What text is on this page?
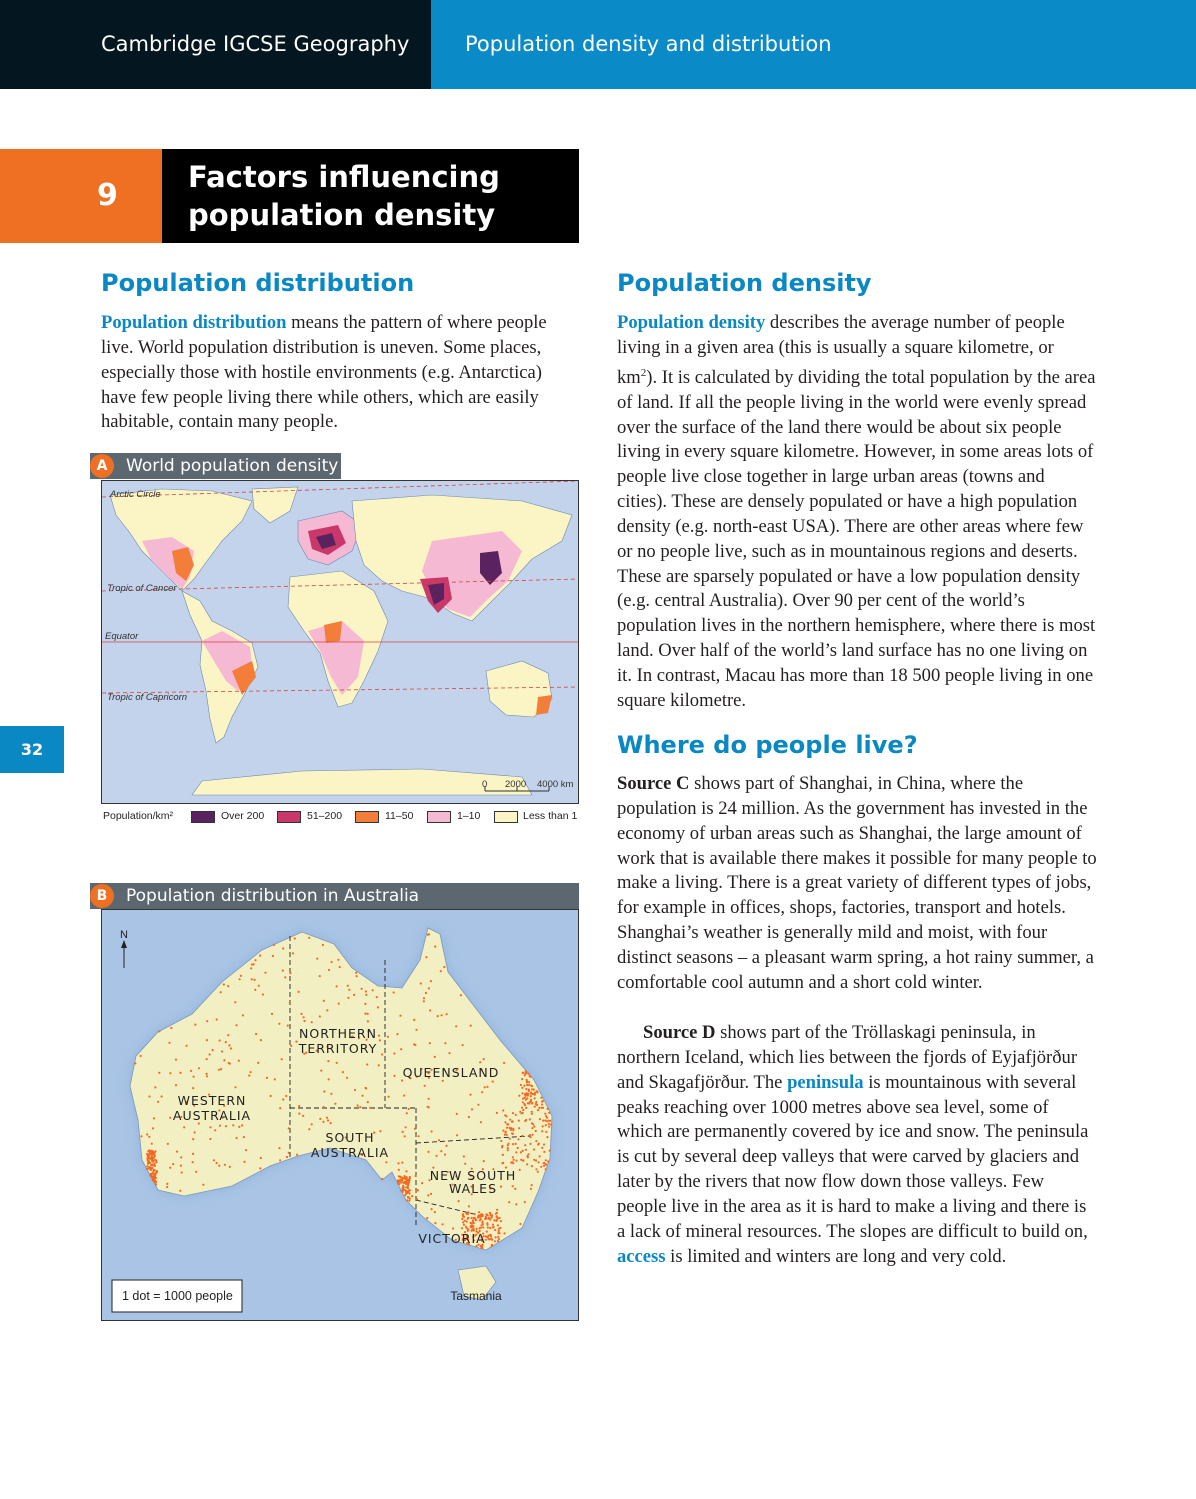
Cambridge IGCSE Geography	Population density and distribution
9
Factors influencing population density
32
Population distribution
Population distribution means the pattern of where people live. World population distribution is uneven. Some places, especially those with hostile environments (e.g. Antarctica) have few people living there while others, which are easily habitable, contain many people.
World population density
A
Arctic Circle
Tropic of Cancer
Equator
Tropic of Capricorn
0 2000 4000 km
Population/km²	Over 200	51–200	11–50	1–10	Less than 1
Population distribution in Australia
B
N
NORTHERN
TERRITORY
QUEENSLAND
WESTERN
AUSTRALIA
SOUTH
AUSTRALIA
NEW SOUTH
WALES
VICTORIA
Tasmania
1 dot = 1000 people
Population density
Population density describes the average number of people living in a given area (this is usually a square kilometre, or $km^2$). It is calculated by dividing the total population by the area of land. If all the people living in the world were evenly spread over the surface of the land there would be about six people living in every square kilometre. However, in some areas lots of people live close together in large urban areas (towns and cities). These are densely populated or have a high population density (e.g. north-east USA). There are other areas where few or no people live, such as in mountainous regions and deserts. These are sparsely populated or have a low population density (e.g. central Australia). Over 90 per cent of the world’s population lives in the northern hemisphere, where there is most land. Over half of the world’s land surface has no one living on it. In contrast, Macau has more than 18 500 people living in one square kilometre.
Where do people live?
Source C shows part of Shanghai, in China, where the population is 24 million. As the government has invested in the economy of urban areas such as Shanghai, the large amount of work that is available there makes it possible for many people to make a living. There is a great variety of different types of jobs, for example in offices, shops, factories, transport and hotels. Shanghai’s weather is generally mild and moist, with four distinct seasons – a pleasant warm spring, a hot rainy summer, a comfortable cool autumn and a short cold winter.
Source D shows part of the Tröllaskagi peninsula, in northern Iceland, which lies between the fjords of Eyjafjörður and Skagafjörður. The peninsula is mountainous with several peaks reaching over 1000 metres above sea level, some of which are permanently covered by ice and snow. The peninsula is cut by several deep valleys that were carved by glaciers and later by the rivers that now flow down those valleys. Few people live in the area as it is hard to make a living and there is a lack of mineral resources. The slopes are difficult to build on, access is limited and winters are long and very cold.
